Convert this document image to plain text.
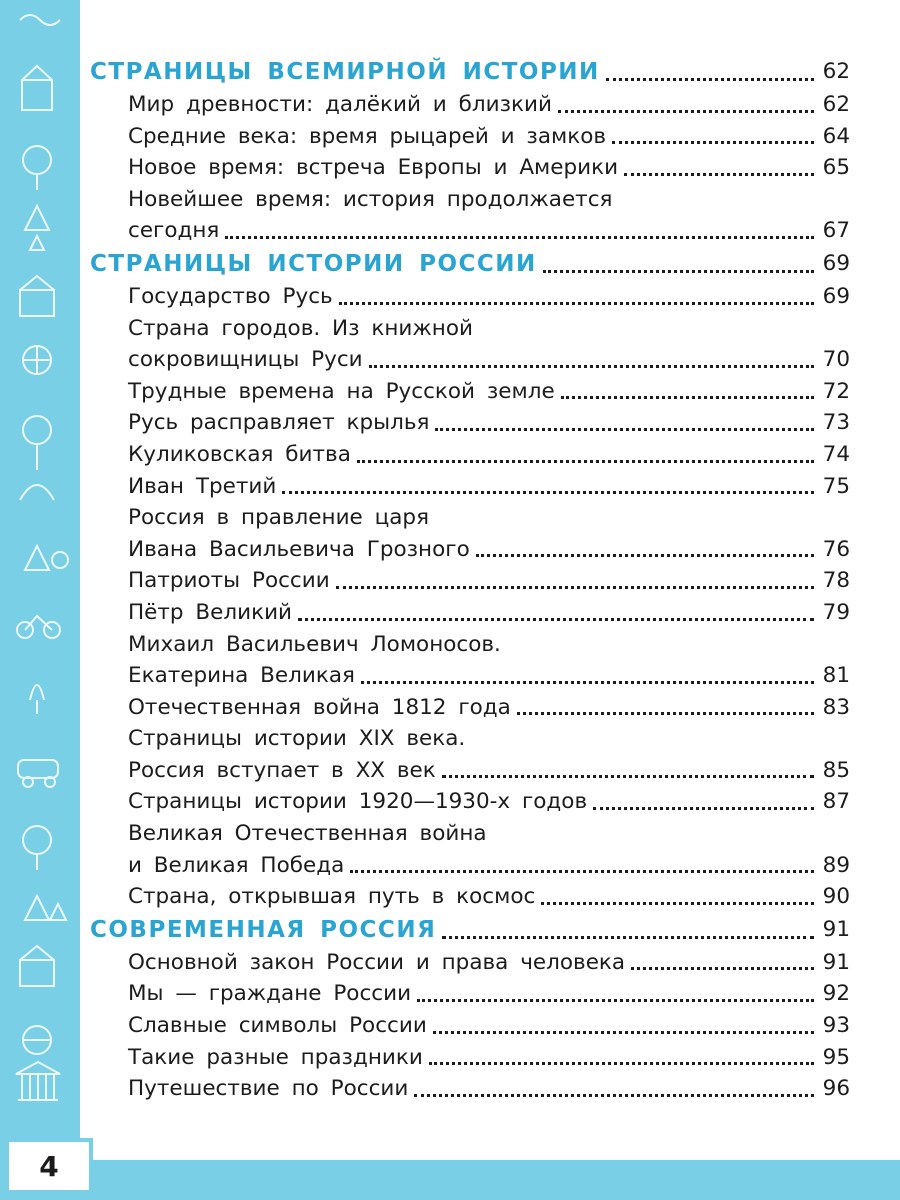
4
СТРАНИЦЫ ВСЕМИРНОЙ ИСТОРИИ	62
Мир древности: далёкий и близкий	62
Средние века: время рыцарей и замков	64
Новое время: встреча Европы и Америки	65
Новейшее время: история продолжается
сегодня	67
СТРАНИЦЫ ИСТОРИИ РОССИИ	69
Государство Русь	69
Страна городов. Из книжной
сокровищницы Руси	70
Трудные времена на Русской земле	72
Русь расправляет крылья	73
Куликовская битва	74
Иван Третий	75
Россия в правление царя
Ивана Васильевича Грозного	76
Патриоты России	78
Пётр Великий	79
Михаил Васильевич Ломоносов.
Екатерина Великая	81
Отечественная война 1812 года	83
Страницы истории XIX века.
Россия вступает в XX век	85
Страницы истории 1920—1930-х годов	87
Великая Отечественная война
и Великая Победа	89
Страна, открывшая путь в космос	90
СОВРЕМЕННАЯ РОССИЯ	91
Основной закон России и права человека	91
Мы — граждане России	92
Славные символы России	93
Такие разные праздники	95
Путешествие по России	96
